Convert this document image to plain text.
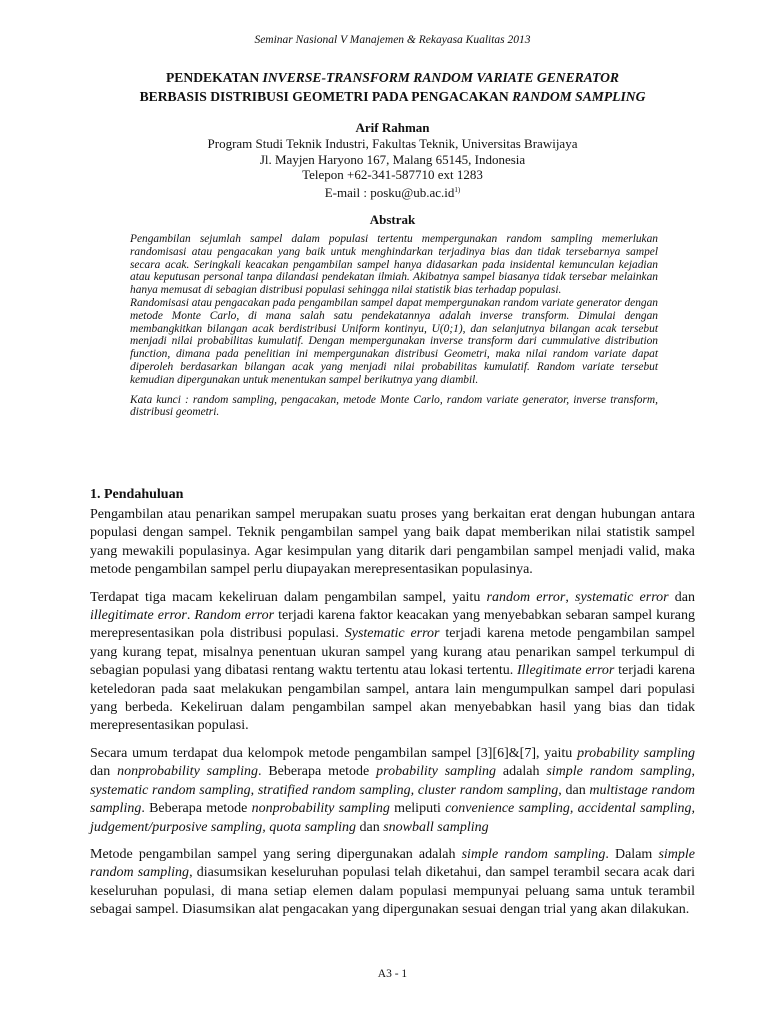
Seminar Nasional V Manajemen & Rekayasa Kualitas 2013
PENDEKATAN INVERSE-TRANSFORM RANDOM VARIATE GENERATOR
BERBASIS DISTRIBUSI GEOMETRI PADA PENGACAKAN RANDOM SAMPLING
Arif Rahman
Program Studi Teknik Industri, Fakultas Teknik, Universitas Brawijaya
Jl. Mayjen Haryono 167, Malang 65145, Indonesia
Telepon +62-341-587710 ext 1283
E-mail : $posku@ub.ac.id^{1)}$
Abstrak

Pengambilan sejumlah sampel dalam populasi tertentu mempergunakan random sampling memerlukan randomisasi atau pengacakan yang baik untuk menghindarkan terjadinya bias dan tidak tersebarnya sampel secara acak. Seringkali keacakan pengambilan sampel hanya didasarkan pada insidental kemunculan kejadian atau keputusan personal tanpa dilandasi pendekatan ilmiah. Akibatnya sampel biasanya tidak tersebar melainkan hanya memusat di sebagian distribusi populasi sehingga nilai statistik bias terhadap populasi.

Randomisasi atau pengacakan pada pengambilan sampel dapat mempergunakan random variate generator dengan metode Monte Carlo, di mana salah satu pendekatannya adalah inverse transform. Dimulai dengan membangkitkan bilangan acak berdistribusi Uniform kontinyu, U(0;1), dan selanjutnya bilangan acak tersebut menjadi nilai probabilitas kumulatif. Dengan mempergunakan inverse transform dari cummulative distribution function, dimana pada penelitian ini mempergunakan distribusi Geometri, maka nilai random variate dapat diperoleh berdasarkan bilangan acak yang menjadi nilai probabilitas kumulatif. Random variate tersebut kemudian dipergunakan untuk menentukan sampel berikutnya yang diambil.

Kata kunci : random sampling, pengacakan, metode Monte Carlo, random variate generator, inverse transform, distribusi geometri.

1. Pendahuluan

Pengambilan atau penarikan sampel merupakan suatu proses yang berkaitan erat dengan hubungan antara populasi dengan sampel. Teknik pengambilan sampel yang baik dapat memberikan nilai statistik sampel yang mewakili populasinya. Agar kesimpulan yang ditarik dari pengambilan sampel menjadi valid, maka metode pengambilan sampel perlu diupayakan merepresentasikan populasinya.

Terdapat tiga macam kekeliruan dalam pengambilan sampel, yaitu random error, systematic error dan illegitimate error. Random error terjadi karena faktor keacakan yang menyebabkan sebaran sampel kurang merepresentasikan pola distribusi populasi. Systematic error terjadi karena metode pengambilan sampel yang kurang tepat, misalnya penentuan ukuran sampel yang kurang atau penarikan sampel terkumpul di sebagian populasi yang dibatasi rentang waktu tertentu atau lokasi tertentu. Illegitimate error terjadi karena keteledoran pada saat melakukan pengambilan sampel, antara lain mengumpulkan sampel dari populasi yang berbeda. Kekeliruan dalam pengambilan sampel akan menyebabkan hasil yang bias dan tidak merepresentasikan populasi.

Secara umum terdapat dua kelompok metode pengambilan sampel [3][6]&[7], yaitu probability sampling dan nonprobability sampling. Beberapa metode probability sampling adalah simple random sampling, systematic random sampling, stratified random sampling, cluster random sampling, dan multistage random sampling. Beberapa metode nonprobability sampling meliputi convenience sampling, accidental sampling, judgement/purposive sampling, quota sampling dan snowball sampling

Metode pengambilan sampel yang sering dipergunakan adalah simple random sampling. Dalam simple random sampling, diasumsikan keseluruhan populasi telah diketahui, dan sampel terambil secara acak dari keseluruhan populasi, di mana setiap elemen dalam populasi mempunyai peluang sama untuk terambil sebagai sampel. Diasumsikan alat pengacakan yang dipergunakan sesuai dengan trial yang akan dilakukan.

A3 - 1
